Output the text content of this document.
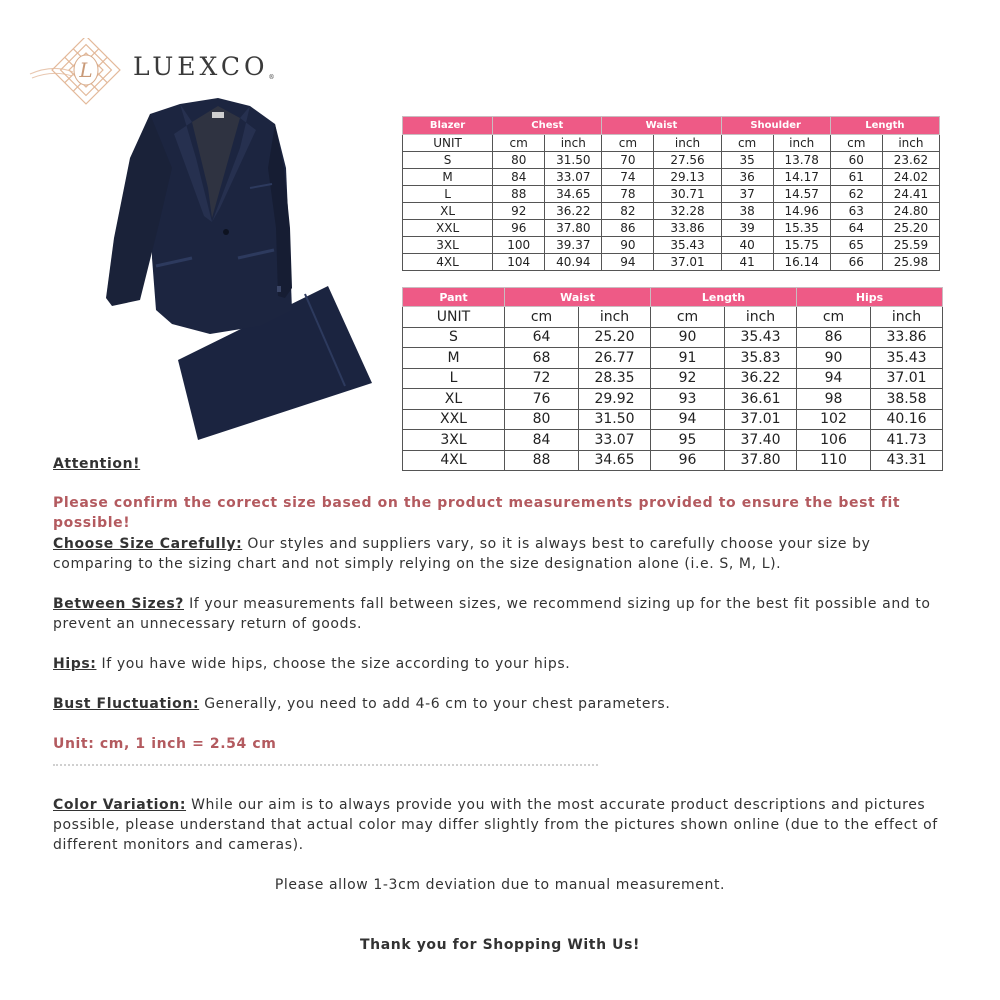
L LUEXCO®
Blazer	Chest		Waist		Shoulder		Length	
UNIT	cm	inch	cm	inch	cm	inch	cm	inch
S	80	31.50	70	27.56	35	13.78	60	23.62
M	84	33.07	74	29.13	36	14.17	61	24.02
L	88	34.65	78	30.71	37	14.57	62	24.41
XL	92	36.22	82	32.28	38	14.96	63	24.80
XXL	96	37.80	86	33.86	39	15.35	64	25.20
3XL	100	39.37	90	35.43	40	15.75	65	25.59
4XL	104	40.94	94	37.01	41	16.14	66	25.98
Pant	Waist		Length		Hips	
UNIT	cm	inch	cm	inch	cm	inch
S	64	25.20	90	35.43	86	33.86
M	68	26.77	91	35.83	90	35.43
L	72	28.35	92	36.22	94	37.01
XL	76	29.92	93	36.61	98	38.58
XXL	80	31.50	94	37.01	102	40.16
3XL	84	33.07	95	37.40	106	41.73
4XL	88	34.65	96	37.80	110	43.31

Attention!

Please confirm the correct size based on the product measurements provided to ensure the best fit possible!

Choose Size Carefully: Our styles and suppliers vary, so it is always best to carefully choose your size by comparing to the sizing chart and not simply relying on the size designation alone (i.e. S, M, L).

Between Sizes? If your measurements fall between sizes, we recommend sizing up for the best fit possible and to prevent an unnecessary return of goods.

Hips: If you have wide hips, choose the size according to your hips.

Bust Fluctuation: Generally, you need to add 4-6 cm to your chest parameters.

Unit: cm, 1 inch = 2.54 cm

Color Variation: While our aim is to always provide you with the most accurate product descriptions and pictures possible, please understand that actual color may differ slightly from the pictures shown online (due to the effect of different monitors and cameras).

Please allow 1-3cm deviation due to manual measurement.

Thank you for Shopping With Us!
